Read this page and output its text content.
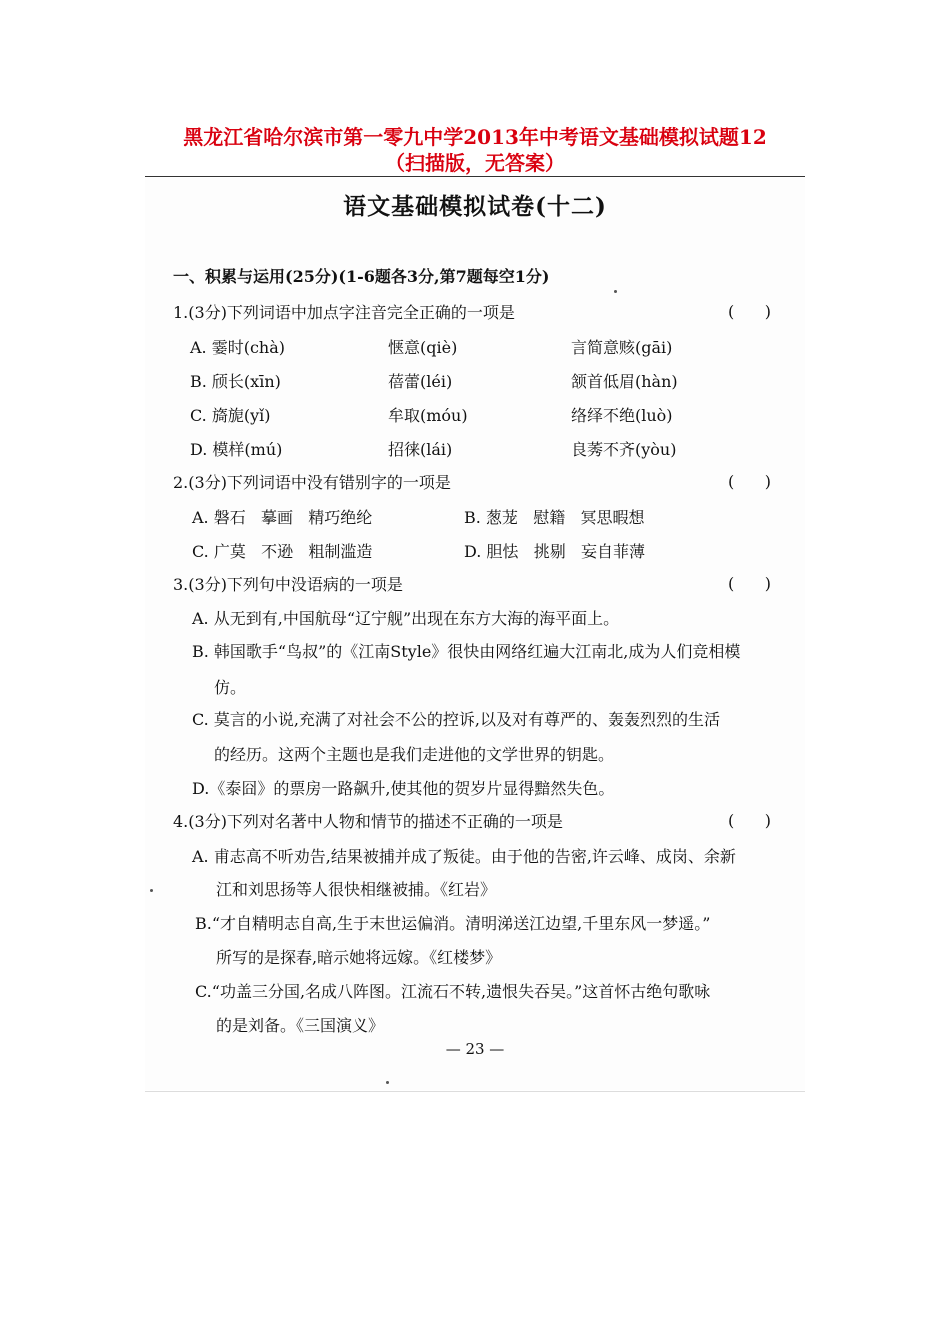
黑龙江省哈尔滨市第一零九中学2013年中考语文基础模拟试题12
（扫描版，无答案）
语文基础模拟试卷(十二)
一、积累与运用(25分)(1-6题各3分,第7题每空1分)
1.(3分)下列词语中加点字注音完全正确的一项是	(      )
A. 霎时(chà)	惬意(qiè)	言简意赅(gāi)
B. 颀长(xīn)	蓓蕾(léi)	颔首低眉(hàn)
C. 旖旎(yǐ)	牟取(móu)	络绎不绝(luò)
D. 模样(mú)	招徕(lái)	良莠不齐(yòu)
2.(3分)下列词语中没有错别字的一项是	(      )
A. 磐石   摹画   精巧绝纶	B. 葱茏   慰籍   冥思暇想
C. 广莫   不逊   粗制滥造	D. 胆怯   挑剔   妄自菲薄
3.(3分)下列句中没语病的一项是	(      )
A. 从无到有,中国航母“辽宁舰”出现在东方大海的海平面上。
B. 韩国歌手“鸟叔”的《江南Style》很快由网络红遍大江南北,成为人们竞相模
仿。
C. 莫言的小说,充满了对社会不公的控诉,以及对有尊严的、轰轰烈烈的生活
的经历。这两个主题也是我们走进他的文学世界的钥匙。
D.《泰囧》的票房一路飙升,使其他的贺岁片显得黯然失色。
4.(3分)下列对名著中人物和情节的描述不正确的一项是	(      )
A. 甫志高不听劝告,结果被捕并成了叛徒。由于他的告密,许云峰、成岗、余新
江和刘思扬等人很快相继被捕。《红岩》
B.“才自精明志自高,生于末世运偏消。清明涕送江边望,千里东风一梦遥。”
所写的是探春,暗示她将远嫁。《红楼梦》
C.“功盖三分国,名成八阵图。江流石不转,遗恨失吞吴。”这首怀古绝句歌咏
的是刘备。《三国演义》
— 23 —
